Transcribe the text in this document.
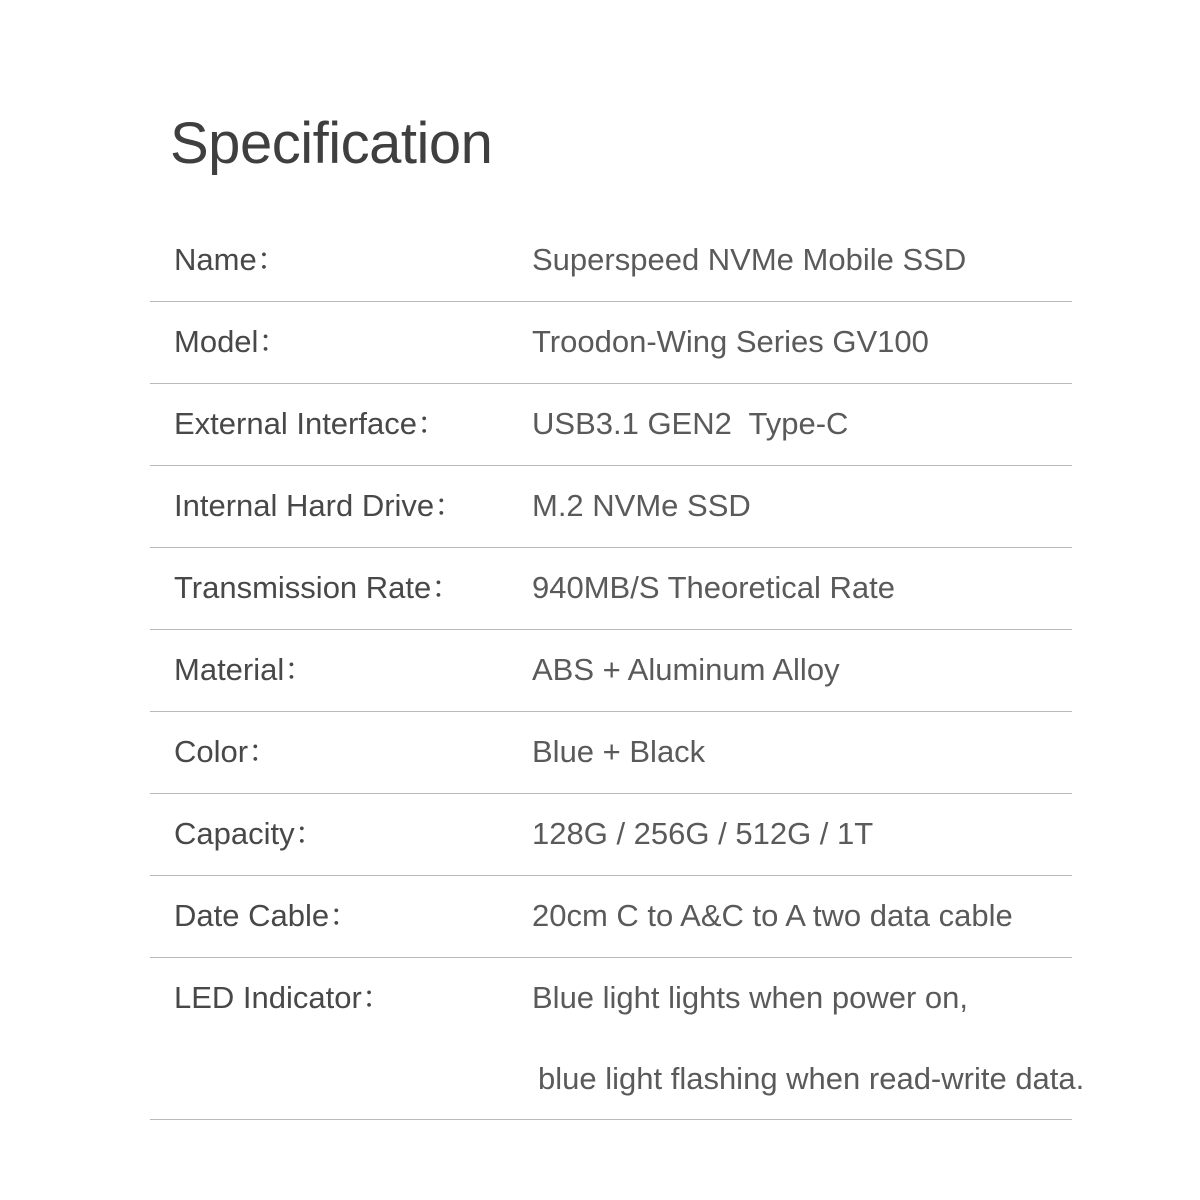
Specification
Name：	Superspeed NVMe Mobile SSD
Model：	Troodon-Wing Series GV100
External Interface：	USB3.1 GEN2  Type-C
Internal Hard Drive： M.2 NVMe SSD
Transmission Rate： 940MB/S Theoretical Rate
Material：	ABS + Aluminum Alloy
Color：	Blue + Black
Capacity：	128G / 256G / 512G / 1T
Date Cable：	20cm C to A&C to A two data cable
LED Indicator：	Blue light lights when power on,
blue light flashing when read-write data.
